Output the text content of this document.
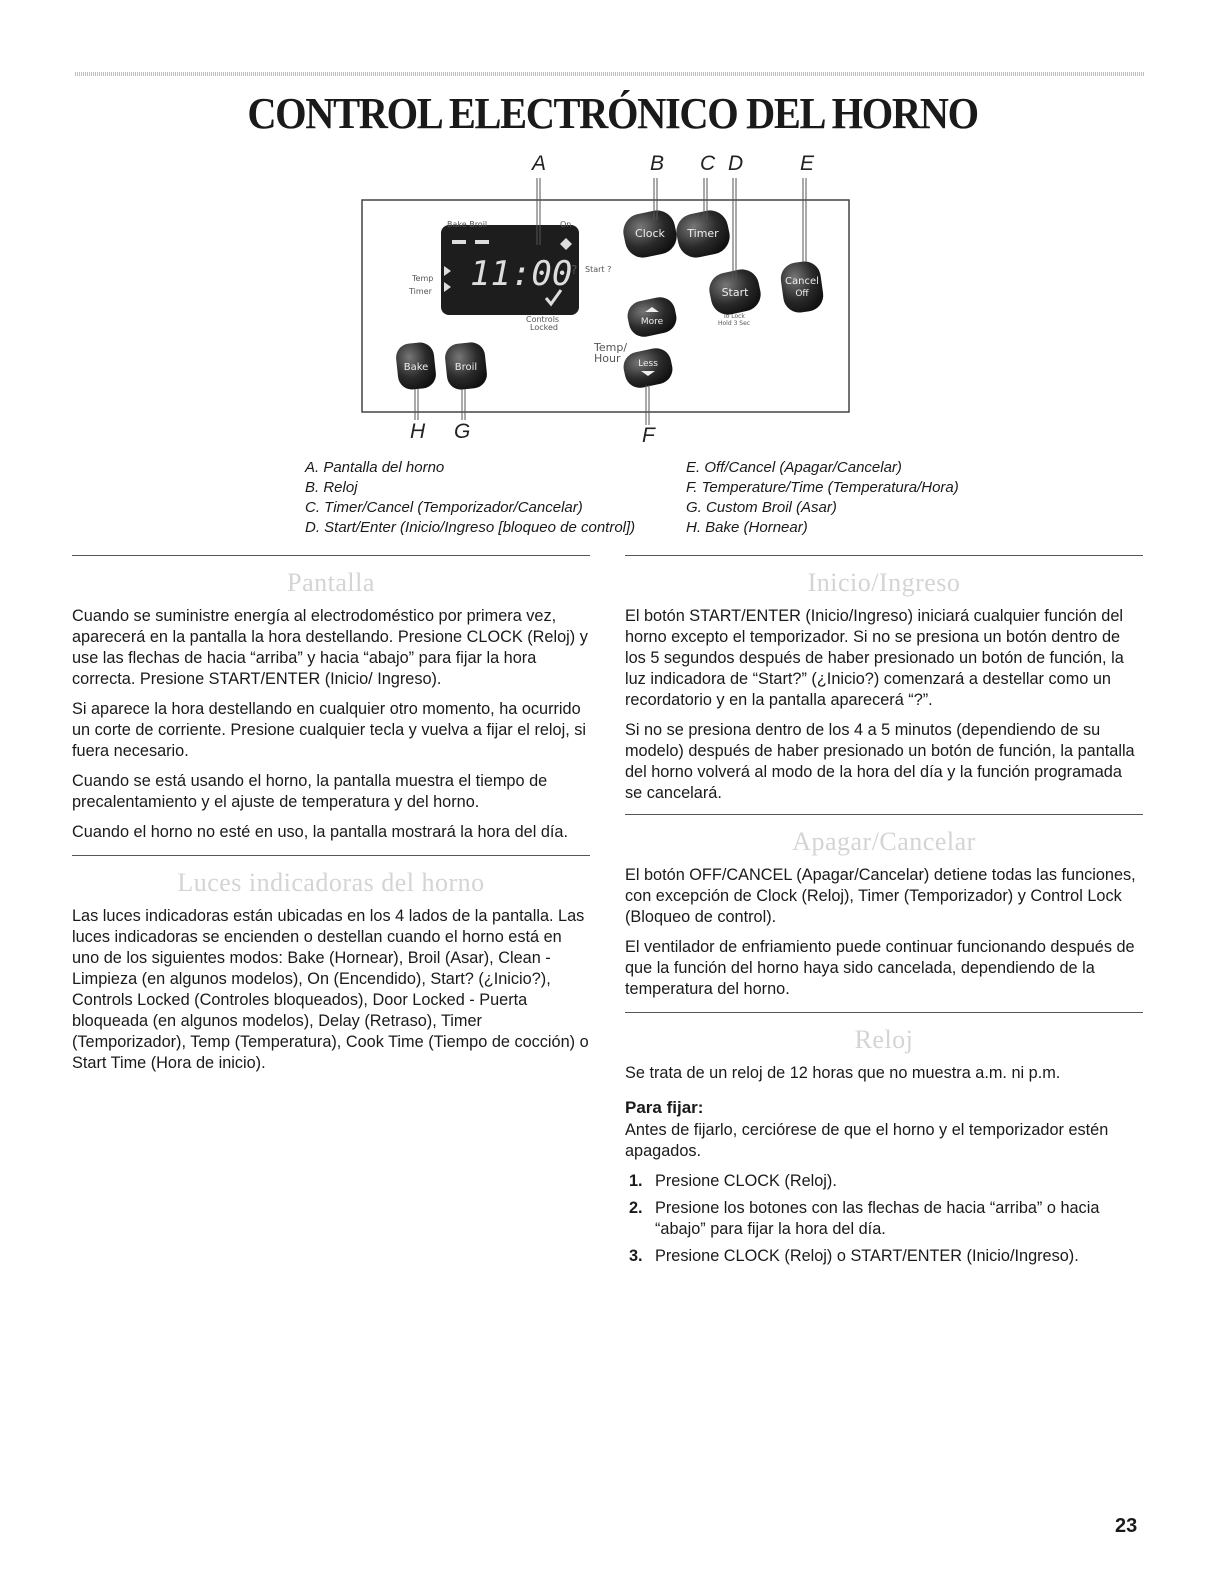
CONTROL ELECTRÓNICO DEL HORNO
A	B C D	E
H G	F
11:00
Bake Broil	On
Temp
Timer
Start ?
Controls
Locked
Temp/
Hour
To Lock
Hold 3 Sec
?
Clock Timer
Start
Cancel
Off
More
Less
Bake	Broil
A. Pantalla del horno
B. Reloj
C. Timer/Cancel (Temporizador/Cancelar)
D. Start/Enter (Inicio/Ingreso [bloqueo de control])
E. Off/Cancel (Apagar/Cancelar)
F. Temperature/Time (Temperatura/Hora)
G. Custom Broil (Asar)
H. Bake (Hornear)
Pantalla

Cuando se suministre energía al electrodoméstico por primera vez, aparecerá en la pantalla la hora destellando. Presione CLOCK (Reloj) y use las flechas de hacia “arriba” y hacia “abajo” para fijar la hora correcta. Presione START/ENTER (Inicio/ Ingreso).

Si aparece la hora destellando en cualquier otro momento, ha ocurrido un corte de corriente. Presione cualquier tecla y vuelva a fijar el reloj, si fuera necesario.

Cuando se está usando el horno, la pantalla muestra el tiempo de precalentamiento y el ajuste de temperatura y del horno.

Cuando el horno no esté en uso, la pantalla mostrará la hora del día.

Luces indicadoras del horno

Las luces indicadoras están ubicadas en los 4 lados de la pantalla. Las luces indicadoras se encienden o destellan cuando el horno está en uno de los siguientes modos: Bake (Hornear), Broil (Asar), Clean - Limpieza (en algunos modelos), On (Encendido), Start? (¿Inicio?), Controls Locked (Controles bloqueados), Door Locked - Puerta bloqueada (en algunos modelos), Delay (Retraso), Timer (Temporizador), Temp (Temperatura), Cook Time (Tiempo de cocción) o Start Time (Hora de inicio).

Inicio/Ingreso

El botón START/ENTER (Inicio/Ingreso) iniciará cualquier función del horno excepto el temporizador. Si no se presiona un botón dentro de los 5 segundos después de haber presionado un botón de función, la luz indicadora de “Start?” (¿Inicio?) comenzará a destellar como un recordatorio y en la pantalla aparecerá “?”.

Si no se presiona dentro de los 4 a 5 minutos (dependiendo de su modelo) después de haber presionado un botón de función, la pantalla del horno volverá al modo de la hora del día y la función programada se cancelará.

Apagar/Cancelar

El botón OFF/CANCEL (Apagar/Cancelar) detiene todas las funciones, con excepción de Clock (Reloj), Timer (Temporizador) y Control Lock (Bloqueo de control).

El ventilador de enfriamiento puede continuar funcionando después de que la función del horno haya sido cancelada, dependiendo de la temperatura del horno.

Reloj

Se trata de un reloj de 12 horas que no muestra a.m. ni p.m.

Para fijar:

Antes de fijarlo, cerciórese de que el horno y el temporizador estén apagados.

1. Presione CLOCK (Reloj).
2. Presione los botones con las flechas de hacia “arriba” o hacia “abajo” para fijar la hora del día.
3. Presione CLOCK (Reloj) o START/ENTER (Inicio/Ingreso).
23
